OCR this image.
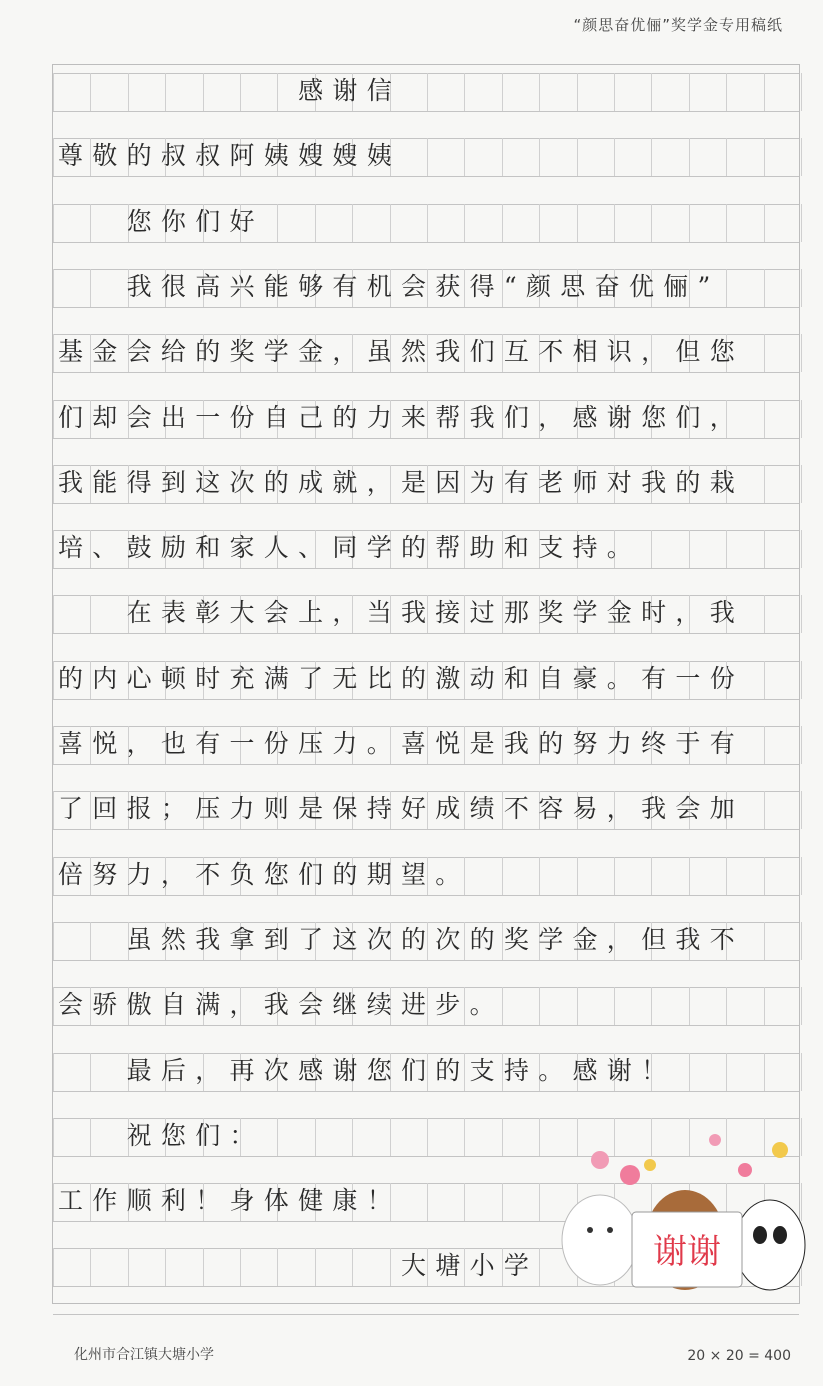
“颜思奋优俪”奖学金专用稿纸
　　　　　　　感谢信
尊敬的叔叔阿姨嫂嫂姨
　　您你们好
　　我很高兴能够有机会获得“颜思奋优俪”
基金会给的奖学金，虽然我们互不相识，但您
们却会出一份自己的力来帮我们，感谢您们，
我能得到这次的成就，是因为有老师对我的栽
培、鼓励和家人、同学的帮助和支持。
　　在表彰大会上，当我接过那奖学金时，我
的内心顿时充满了无比的激动和自豪。有一份
喜悦，也有一份压力。喜悦是我的努力终于有
了回报；压力则是保持好成绩不容易，我会加
倍努力，不负您们的期望。
　　虽然我拿到了这次的次的奖学金，但我不
会骄傲自满，我会继续进步。
　　最后，再次感谢您们的支持。感谢！
　　祝您们：
工作顺利！身体健康！
　　　　　　　　　　大塘小学	谢谢
化州市合江镇大塘小学	20 × 20 = 400
